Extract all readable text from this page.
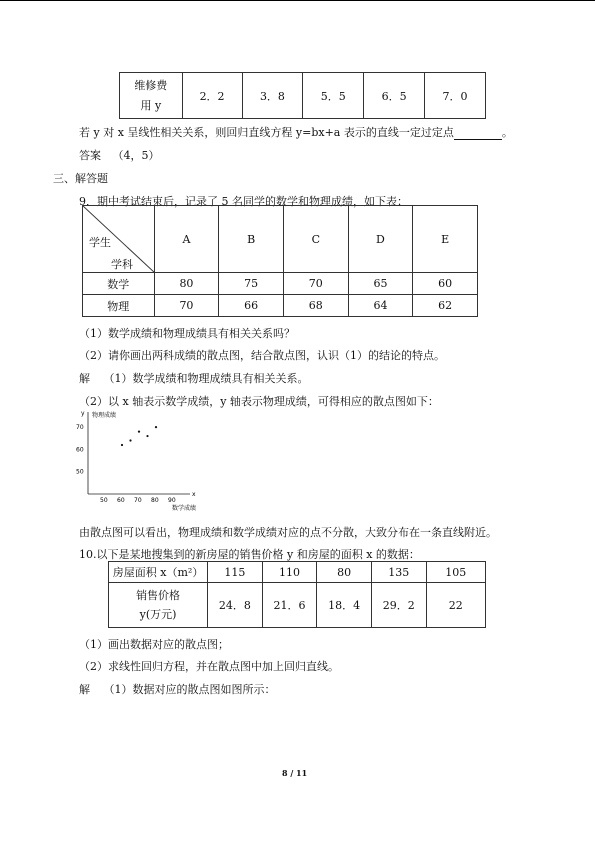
维修费
用 y
	2．2	3．8	5．5	6．5	7．0
若 y 对 x 呈线性相关关系，则回归直线方程 y=bx+a 表示的直线一定过定点	。
答案 （4，5）
三、解答题
9．期中考试结束后，记录了 5 名同学的数学和物理成绩，如下表：
学生
学科	A	B	C	D	E
数学	80	75	70	65	60
物理	70	66	68	64	62
（1）数学成绩和物理成绩具有相关关系吗？
（2）请你画出两科成绩的散点图，结合散点图，认识（1）的结论的特点。
解 （1）数学成绩和物理成绩具有相关关系。
（2）以 x 轴表示数学成绩，y 轴表示物理成绩，可得相应的散点图如下：
y
x
物理成绩
数学成绩
50 60 70 80 90
70
60
50
由散点图可以看出，物理成绩和数学成绩对应的点不分散，大致分布在一条直线附近。
10.以下是某地搜集到的新房屋的销售价格 y 和房屋的面积 x 的数据：
房屋面积 x（m²）	115	110	80	135	105

销售价格
y(万元)	24．8	21．6	18．4	29．2	22
（1）画出数据对应的散点图；
（2）求线性回归方程，并在散点图中加上回归直线。
解 （1）数据对应的散点图如图所示：
8 / 11
